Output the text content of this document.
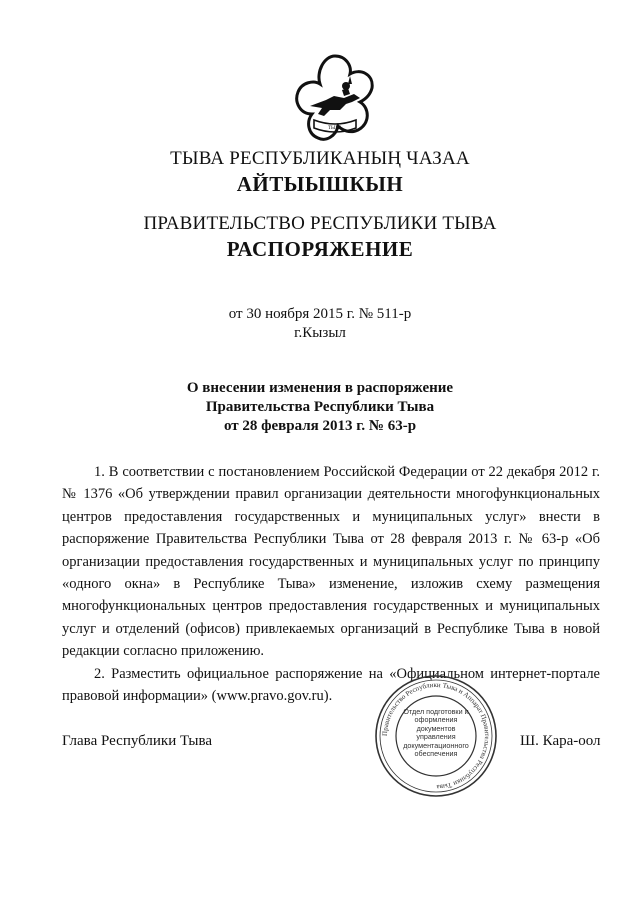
ТЫВА
ТЫВА РЕСПУБЛИКАНЫҢ ЧАЗАА
АЙТЫЫШКЫН
ПРАВИТЕЛЬСТВО РЕСПУБЛИКИ ТЫВА
РАСПОРЯЖЕНИЕ
от 30 ноября 2015 г. № 511-р
г.Кызыл
О внесении изменения в распоряжение
Правительства Республики Тыва
от 28 февраля 2013 г. № 63-р

1. В соответствии с постановлением Российской Федерации от 22 декабря 2012 г. № 1376 «Об утверждении правил организации деятельности многофункциональных центров предоставления государственных и муниципальных услуг» внести в распоряжение Правительства Республики Тыва от 28 февраля 2013 г. № 63-р «Об организации предоставления государственных и муниципальных услуг по принципу «одного окна» в Республике Тыва» изменение, изложив схему размещения многофункциональных центров предоставления государственных и муниципальных услуг и отделений (офисов) привлекаемых организаций в Республике Тыва в новой редакции согласно приложению.

2. Разместить официальное распоряжение на «Официальном интернет-портале правовой информации» (www.pravo.gov.ru).

Глава Республики Тыва	Правительство Республики Тыва и Аппарат Правительства Республики Тыва
Отдел подготовки и оформления документов управления документационного обеспечения
Ш. Кара-оол
